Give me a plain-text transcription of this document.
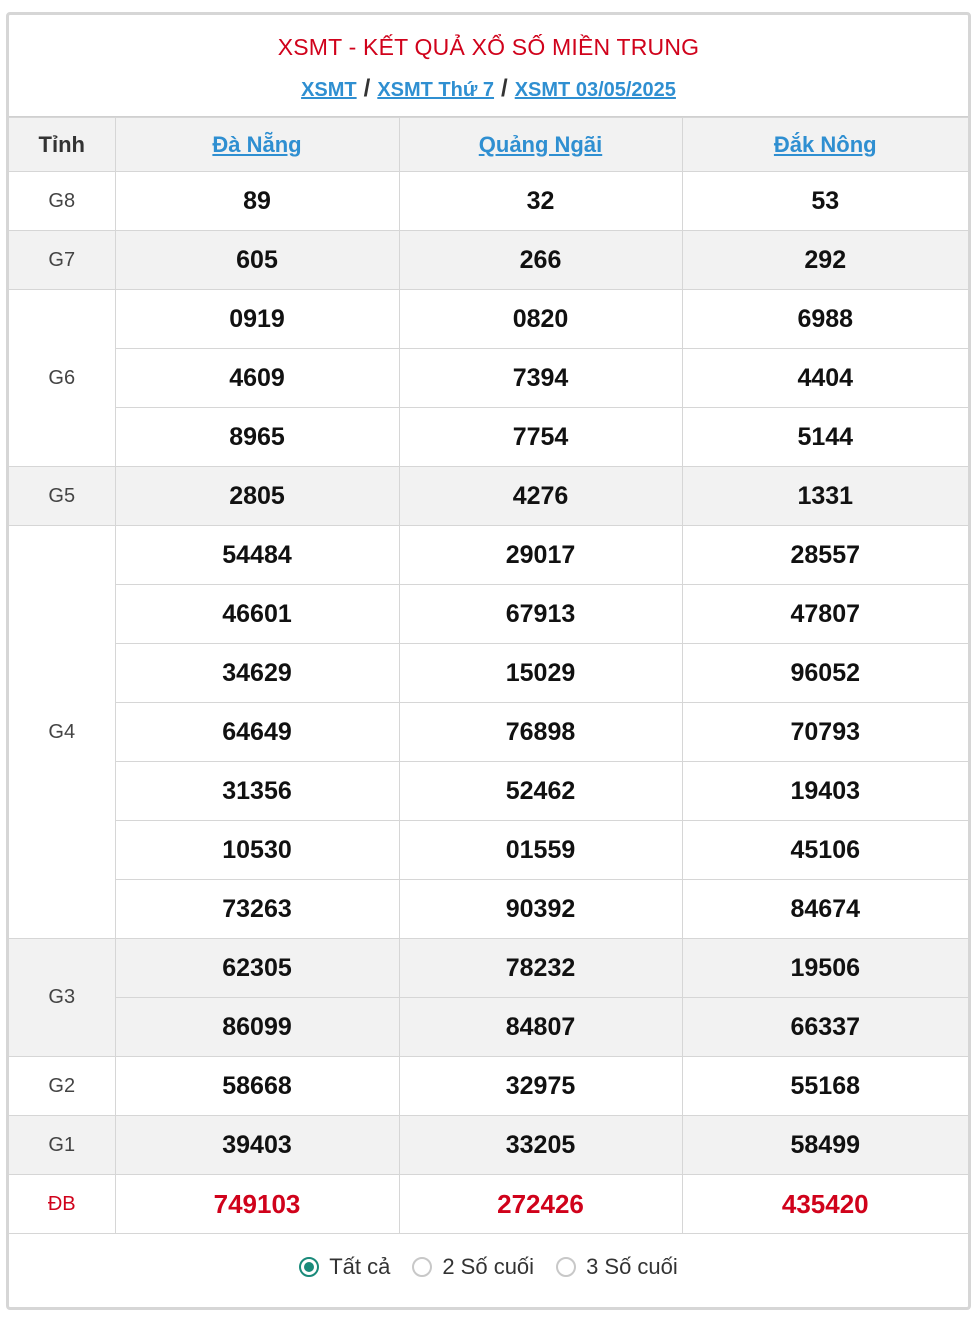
XSMT - KẾT QUẢ XỔ SỐ MIỀN TRUNG
XSMT / XSMT Thứ 7 / XSMT 03/05/2025
Tỉnh	Đà Nẵng	Quảng Ngãi	Đắk Nông
G8	89	32	53
G7	605	266	292
G6	0919	0820	6988
	4609	7394	4404
	8965	7754	5144
G5	2805	4276	1331
G4	54484	29017	28557
	46601	67913	47807
	34629	15029	96052
	64649	76898	70793
	31356	52462	19403
	10530	01559	45106
	73263	90392	84674
G3	62305	78232	19506
	86099	84807	66337
G2	58668	32975	55168
G1	39403	33205	58499
ĐB	749103	272426	435420
Tất cả 2 Số cuối 3 Số cuối
